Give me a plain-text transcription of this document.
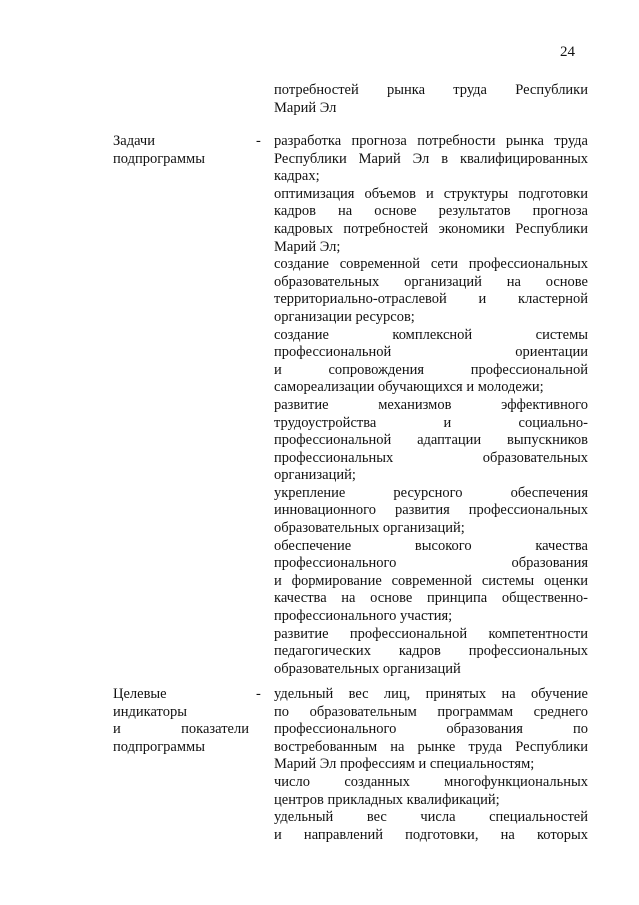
24
потребностей рынка труда Республики
Марий Эл
Задачи
подпрограммы
- разработка прогноза потребности рынка труда
Республики Марий Эл в квалифицированных
кадрах;
оптимизация объемов и структуры подготовки
кадров на основе результатов прогноза
кадровых потребностей экономики Республики
Марий Эл;
создание современной сети профессиональных
образовательных организаций на основе
территориально-отраслевой и кластерной
организации ресурсов;
создание комплексной системы
профессиональной ориентации
и сопровождения профессиональной
самореализации обучающихся и молодежи;
развитие механизмов эффективного
трудоустройства и социально-
профессиональной адаптации выпускников
профессиональных образовательных
организаций;
укрепление ресурсного обеспечения
инновационного развития профессиональных
образовательных организаций;
обеспечение высокого качества
профессионального образования
и формирование современной системы оценки
качества на основе принципа общественно-
профессионального участия;
развитие профессиональной компетентности
педагогических кадров профессиональных
образовательных организаций
Целевые
индикаторы
и показатели
подпрограммы
- удельный вес лиц, принятых на обучение
по образовательным программам среднего
профессионального образования по
востребованным на рынке труда Республики
Марий Эл профессиям и специальностям;
число созданных многофункциональных
центров прикладных квалификаций;
удельный вес числа специальностей
и направлений подготовки, на которых
